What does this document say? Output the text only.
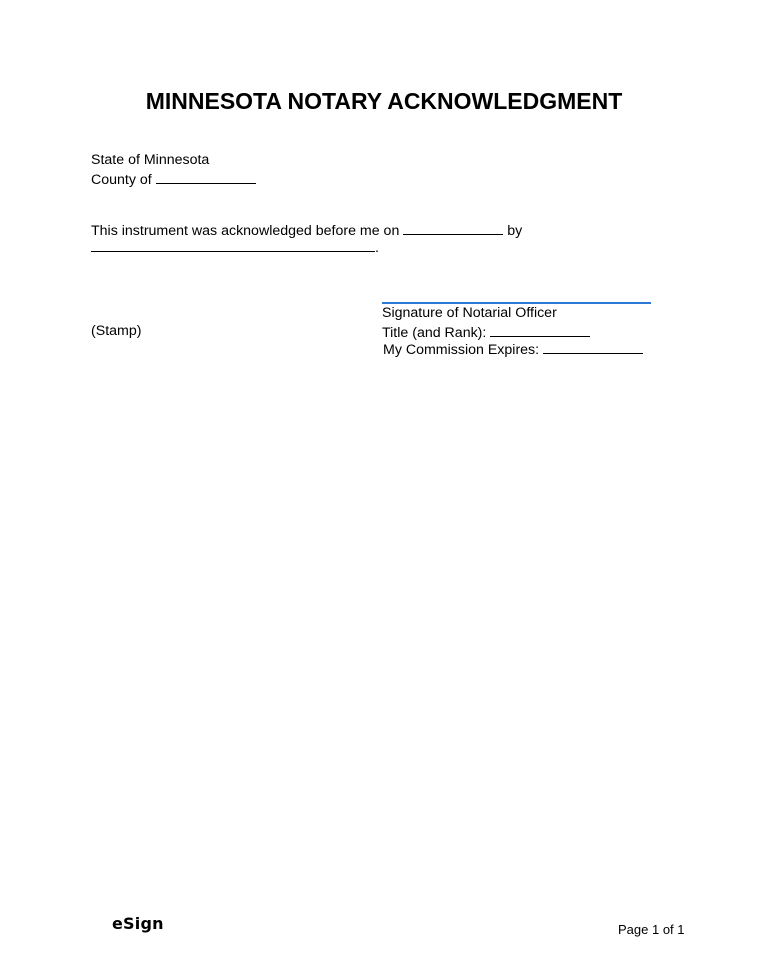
MINNESOTA NOTARY ACKNOWLEDGMENT
State of Minnesota
County of
This instrument was acknowledged before me on	by
.
Signature of Notarial Officer
(Stamp)	Title (and Rank):
My Commission Expires:
eSign	Page 1 of 1
